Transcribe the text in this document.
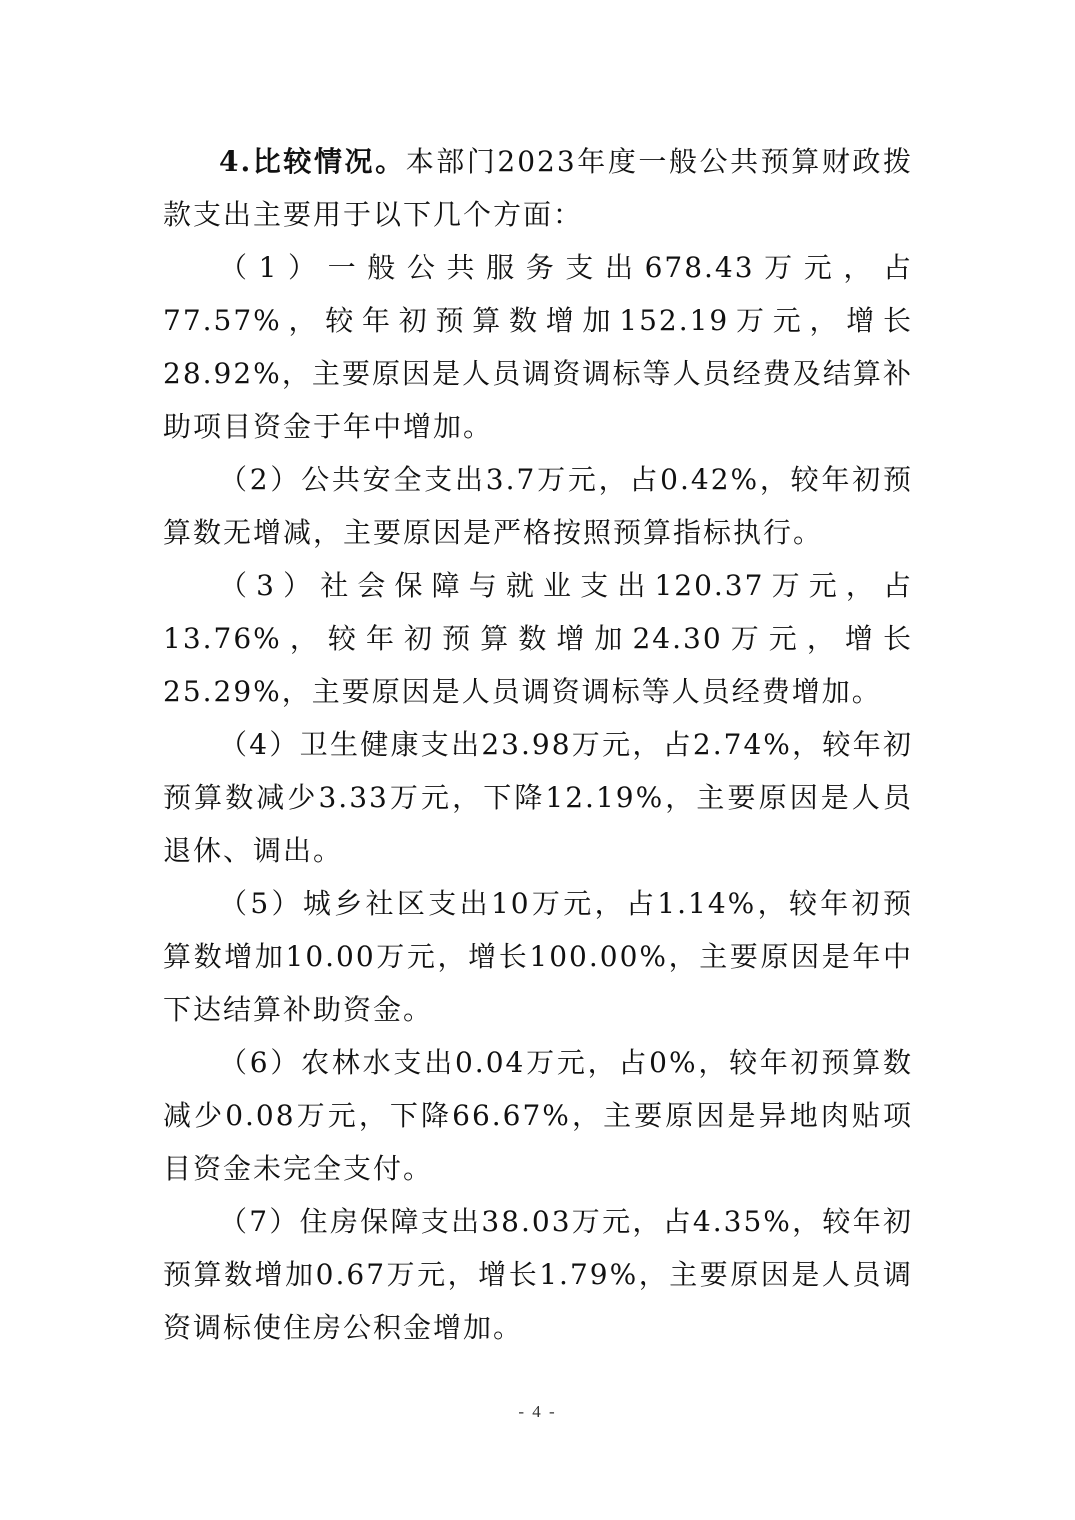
4.比较情况。本部门2023年度一般公共预算财政拨款支出主要用于以下几个方面：

（1）一般公共服务支出678.43万元，占77.57%，较年初预算数增加152.19万元，增长28.92%，主要原因是人员调资调标等人员经费及结算补助项目资金于年中增加。

（2）公共安全支出3.7万元，占0.42%，较年初预算数无增减，主要原因是严格按照预算指标执行。

（3）社会保障与就业支出120.37万元，占13.76%，较年初预算数增加24.30万元，增长25.29%，主要原因是人员调资调标等人员经费增加。

（4）卫生健康支出23.98万元，占2.74%，较年初预算数减少3.33万元，下降12.19%，主要原因是人员退休、调出。

（5）城乡社区支出10万元，占1.14%，较年初预算数增加10.00万元，增长100.00%，主要原因是年中下达结算补助资金。

（6）农林水支出0.04万元，占0%，较年初预算数减少0.08万元，下降66.67%，主要原因是异地肉贴项目资金未完全支付。

（7）住房保障支出38.03万元，占4.35%，较年初预算数增加0.67万元，增长1.79%，主要原因是人员调资调标使住房公积金增加。

- 4 -
